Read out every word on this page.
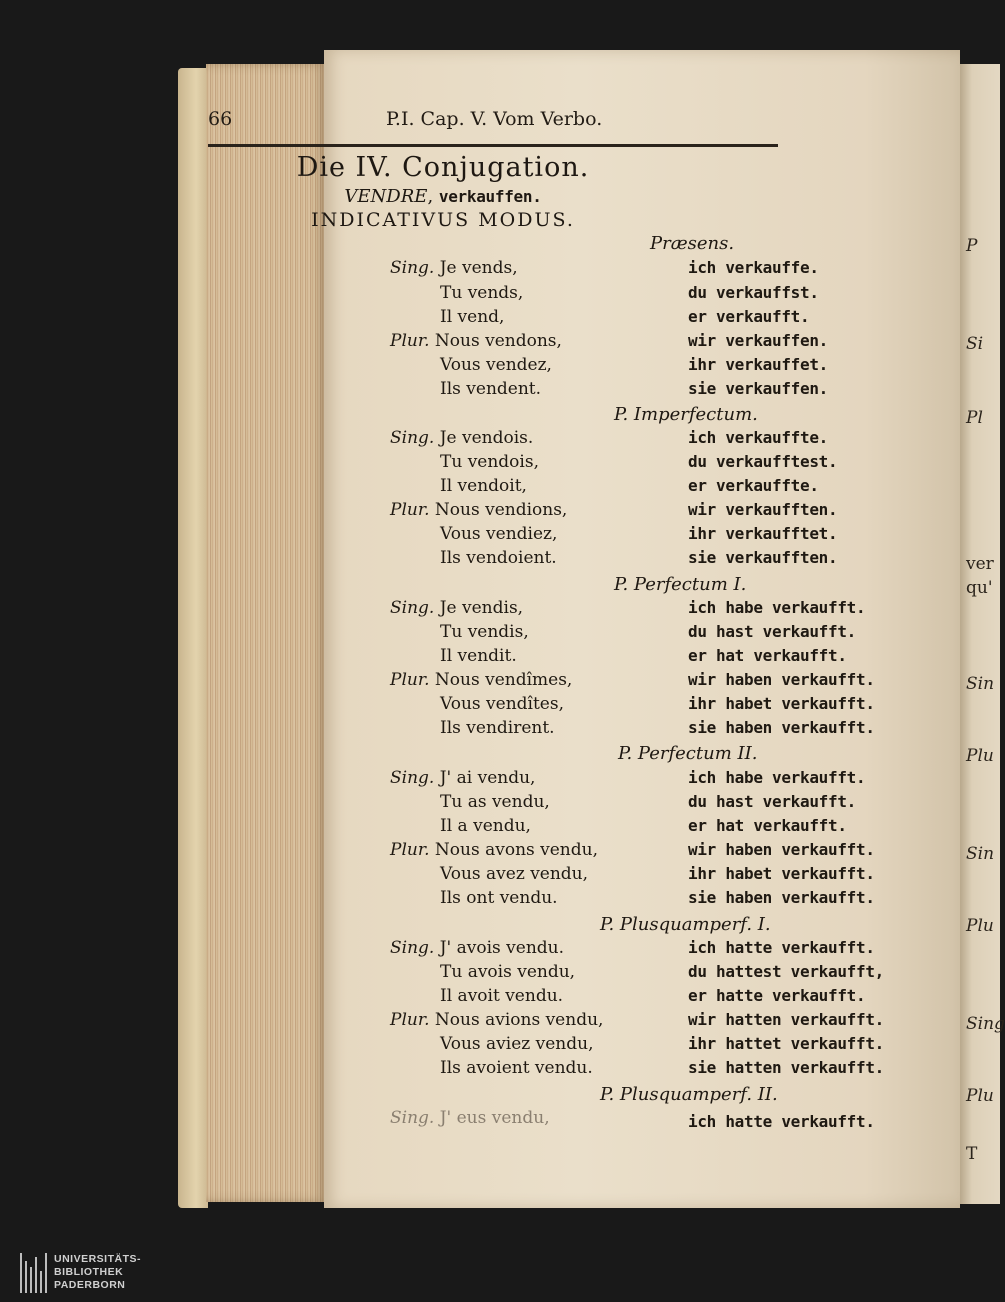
P
Si
Pl
ver
qu'
Sin
Plu
Sin
Plu
Sing
Plu
T
66	P.I. Cap. V. Vom Verbo.
Die IV. Conjugation.
VENDRE, verkauffen.
INDICATIVUS MODUS.
Præsens.
Sing. Je vends,
Tu vends,
Il vend,
Plur. Nous vendons,
Vous vendez,
Ils vendent.
ich verkauffe.
du verkauffst.
er verkaufft.
wir verkauffen.
ihr verkauffet.
sie verkauffen.
P. Imperfectum.
Sing. Je vendois.
Tu vendois,
Il vendoit,
Plur. Nous vendions,
Vous vendiez,
Ils vendoient.
ich verkauffte.
du verkaufftest.
er verkauffte.
wir verkaufften.
ihr verkaufftet.
sie verkaufften.
P. Perfectum I.
Sing. Je vendis,
Tu vendis,
Il vendit.
Plur. Nous vendîmes,
Vous vendîtes,
Ils vendirent.
ich habe verkaufft.
du hast verkaufft.
er hat verkaufft.
wir haben verkaufft.
ihr habet verkaufft.
sie haben verkaufft.
P. Perfectum II.
Sing. J' ai vendu,
Tu as vendu,
Il a vendu,
Plur. Nous avons vendu,
Vous avez vendu,
Ils ont vendu.
ich habe verkaufft.
du hast verkaufft.
er hat verkaufft.
wir haben verkaufft.
ihr habet verkaufft.
sie haben verkaufft.
P. Plusquamperf. I.
Sing. J' avois vendu.
Tu avois vendu,
Il avoit vendu.
Plur. Nous avions vendu,
Vous aviez vendu,
Ils avoient vendu.
ich hatte verkaufft.
du hattest verkaufft,
er hatte verkaufft.
wir hatten verkaufft.
ihr hattet verkaufft.
sie hatten verkaufft.
P. Plusquamperf. II.
Sing. J' eus vendu,	ich hatte verkaufft.
UNIVERSITÄTS-
BIBLIOTHEK
PADERBORN
